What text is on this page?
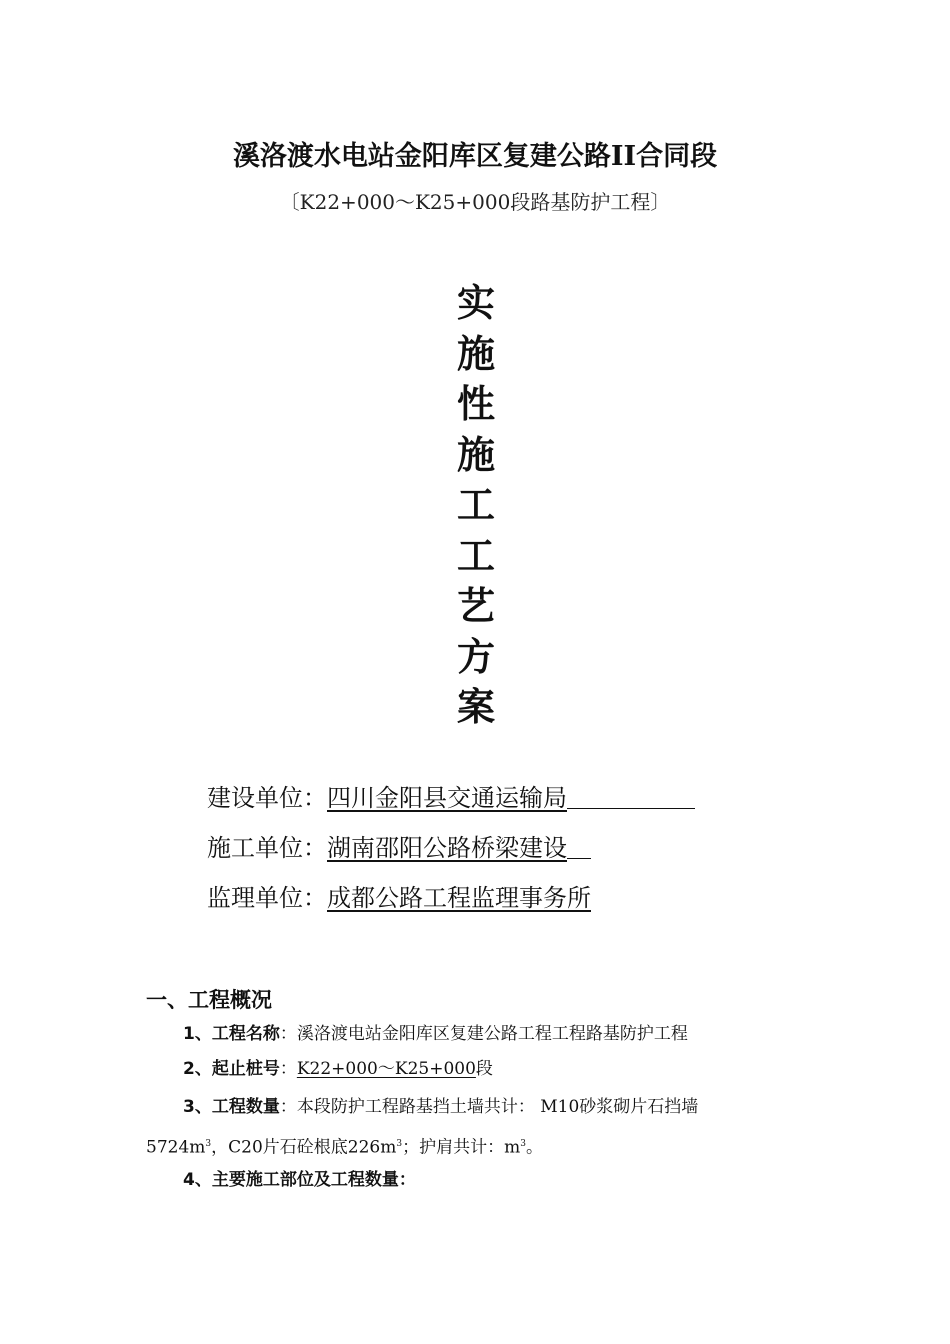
溪洛渡水电站金阳库区复建公路II合同段
〔K22+000～K25+000段路基防护工程〕
实
施
性
施
工
工
艺
方
案
建设单位：四川金阳县交通运输局
施工单位：湖南邵阳公路桥梁建设
监理单位：成都公路工程监理事务所
一、工程概况
1、工程名称：溪洛渡电站金阳库区复建公路工程工程路基防护工程
2、起止桩号：K22+000～K25+000段
3、工程数量：本段防护工程路基挡土墙共计： M10砂浆砌片石挡墙
$5724m^3$，C20片石砼根底$226m^3$；护肩共计：$m^3$。
4、主要施工部位及工程数量：
